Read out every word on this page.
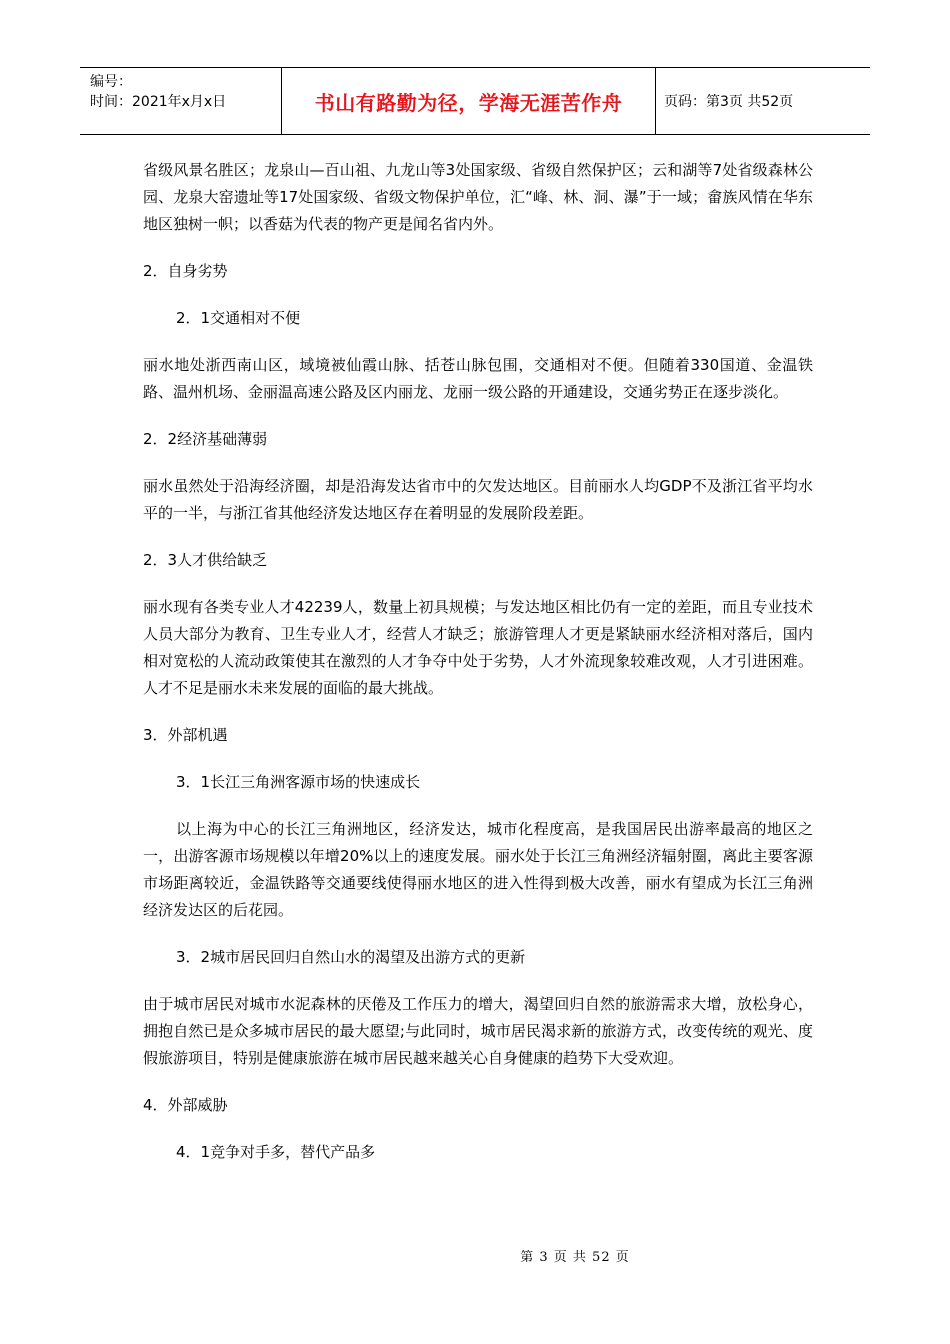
编号：
时间：2021年x月x日	书山有路勤为径，学海无涯苦作舟	页码：第3页 共52页

省级风景名胜区；龙泉山—百山祖、九龙山等3处国家级、省级自然保护区；云和湖等7处省级森林公园、龙泉大窑遗址等17处国家级、省级文物保护单位，汇“峰、林、洞、瀑”于一域；畲族风情在华东地区独树一帜；以香菇为代表的物产更是闻名省内外。

2．自身劣势

2．1交通相对不便

丽水地处浙西南山区，域境被仙霞山脉、括苍山脉包围，交通相对不便。但随着330国道、金温铁路、温州机场、金丽温高速公路及区内丽龙、龙丽一级公路的开通建设，交通劣势正在逐步淡化。

2．2经济基础薄弱

丽水虽然处于沿海经济圈，却是沿海发达省市中的欠发达地区。目前丽水人均GDP不及浙江省平均水平的一半，与浙江省其他经济发达地区存在着明显的发展阶段差距。

2．3人才供给缺乏

丽水现有各类专业人才42239人，数量上初具规模；与发达地区相比仍有一定的差距，而且专业技术人员大部分为教育、卫生专业人才，经营人才缺乏；旅游管理人才更是紧缺丽水经济相对落后，国内相对宽松的人流动政策使其在激烈的人才争夺中处于劣势，人才外流现象较难改观，人才引进困难。人才不足是丽水未来发展的面临的最大挑战。

3．外部机遇

3．1长江三角洲客源市场的快速成长

以上海为中心的长江三角洲地区，经济发达，城市化程度高，是我国居民出游率最高的地区之一，出游客源市场规模以年增20%以上的速度发展。丽水处于长江三角洲经济辐射圈，离此主要客源市场距离较近，金温铁路等交通要线使得丽水地区的进入性得到极大改善，丽水有望成为长江三角洲经济发达区的后花园。

3．2城市居民回归自然山水的渴望及出游方式的更新

由于城市居民对城市水泥森林的厌倦及工作压力的增大，渴望回归自然的旅游需求大增，放松身心，拥抱自然已是众多城市居民的最大愿望;与此同时，城市居民渴求新的旅游方式，改变传统的观光、度假旅游项目，特别是健康旅游在城市居民越来越关心自身健康的趋势下大受欢迎。

4．外部威胁

4．1竞争对手多，替代产品多

第 3 页 共 52 页
